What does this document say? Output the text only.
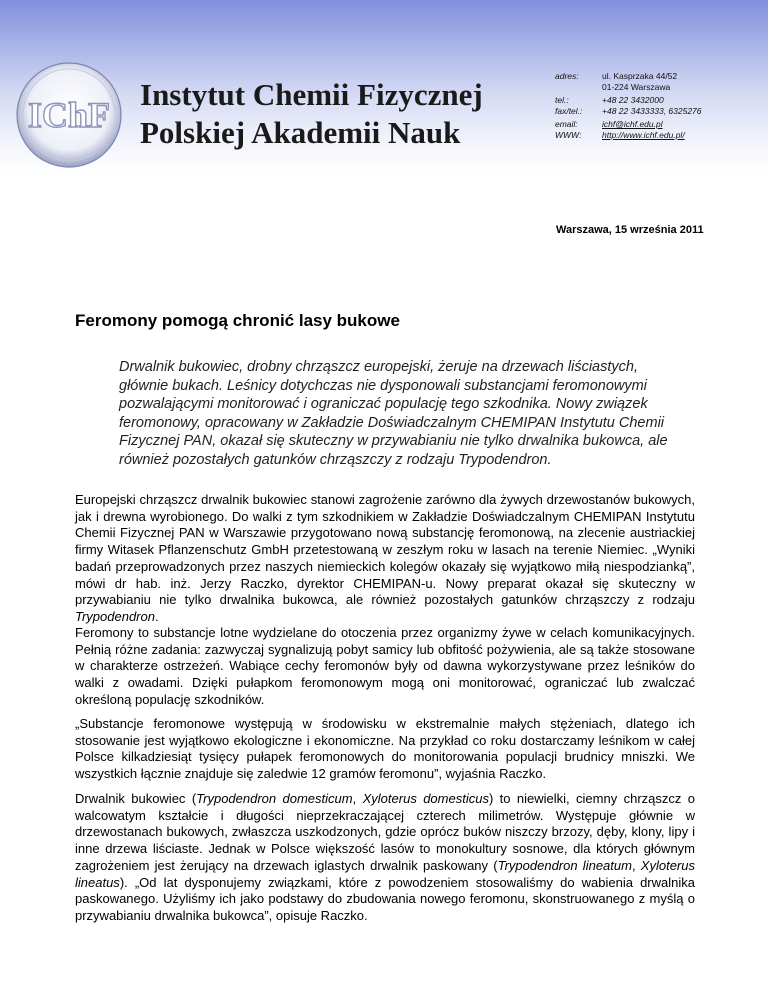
IChF
Instytut Chemii Fizycznej
Polskiej Akademii Nauk
adres:	ul. Kasprzaka 44/52
01-224 Warszawa
tel.:	+48 22 3432000
fax/tel.:	+48 22 3433333, 6325276
email:	ichf@ichf.edu.pl
WWW:	http://www.ichf.edu.pl/
Warszawa, 15 września 2011
Feromony pomogą chronić lasy bukowe
Drwalnik bukowiec, drobny chrząszcz europejski, żeruje na drzewach liściastych, głównie bukach. Leśnicy dotychczas nie dysponowali substancjami feromonowymi pozwalającymi monitorować i ograniczać populację tego szkodnika. Nowy związek feromonowy, opracowany w Zakładzie Doświadczalnym CHEMIPAN Instytutu Chemii Fizycznej PAN, okazał się skuteczny w przywabianiu nie tylko drwalnika bukowca, ale również pozostałych gatunków chrząszczy z rodzaju Trypodendron.
Europejski chrząszcz drwalnik bukowiec stanowi zagrożenie zarówno dla żywych drzewostanów bukowych, jak i drewna wyrobionego. Do walki z tym szkodnikiem w Zakładzie Doświadczalnym CHEMIPAN Instytutu Chemii Fizycznej PAN w Warszawie przygotowano nową substancję feromonową, na zlecenie austriackiej firmy Witasek Pflanzenschutz GmbH przetestowaną w zeszłym roku w lasach na terenie Niemiec. „Wyniki badań przeprowadzonych przez naszych niemieckich kolegów okazały się wyjątkowo miłą niespodzianką”, mówi dr hab. inż. Jerzy Raczko, dyrektor CHEMIPAN-u. Nowy preparat okazał się skuteczny w przywabianiu nie tylko drwalnika bukowca, ale również pozostałych gatunków chrząszczy z rodzaju Trypodendron.
Feromony to substancje lotne wydzielane do otoczenia przez organizmy żywe w celach komunikacyjnych. Pełnią różne zadania: zazwyczaj sygnalizują pobyt samicy lub obfitość pożywienia, ale są także stosowane w charakterze ostrzeżeń. Wabiące cechy feromonów były od dawna wykorzystywane przez leśników do walki z owadami. Dzięki pułapkom feromonowym mogą oni monitorować, ograniczać lub zwalczać określoną populację szkodników.
„Substancje feromonowe występują w środowisku w ekstremalnie małych stężeniach, dlatego ich stosowanie jest wyjątkowo ekologiczne i ekonomiczne. Na przykład co roku dostarczamy leśnikom w całej Polsce kilkadziesiąt tysięcy pułapek feromonowych do monitorowania populacji brudnicy mniszki. We wszystkich łącznie znajduje się zaledwie 12 gramów feromonu”, wyjaśnia Raczko.
Drwalnik bukowiec (Trypodendron domesticum, Xyloterus domesticus) to niewielki, ciemny chrząszcz o walcowatym kształcie i długości nieprzekraczającej czterech milimetrów. Występuje głównie w drzewostanach bukowych, zwłaszcza uszkodzonych, gdzie oprócz buków niszczy brzozy, dęby, klony, lipy i inne drzewa liściaste. Jednak w Polsce większość lasów to monokultury sosnowe, dla których głównym zagrożeniem jest żerujący na drzewach iglastych drwalnik paskowany (Trypodendron lineatum, Xyloterus lineatus). „Od lat dysponujemy związkami, które z powodzeniem stosowaliśmy do wabienia drwalnika paskowanego. Użyliśmy ich jako podstawy do zbudowania nowego feromonu, skonstruowanego z myślą o przywabianiu drwalnika bukowca”, opisuje Raczko.
